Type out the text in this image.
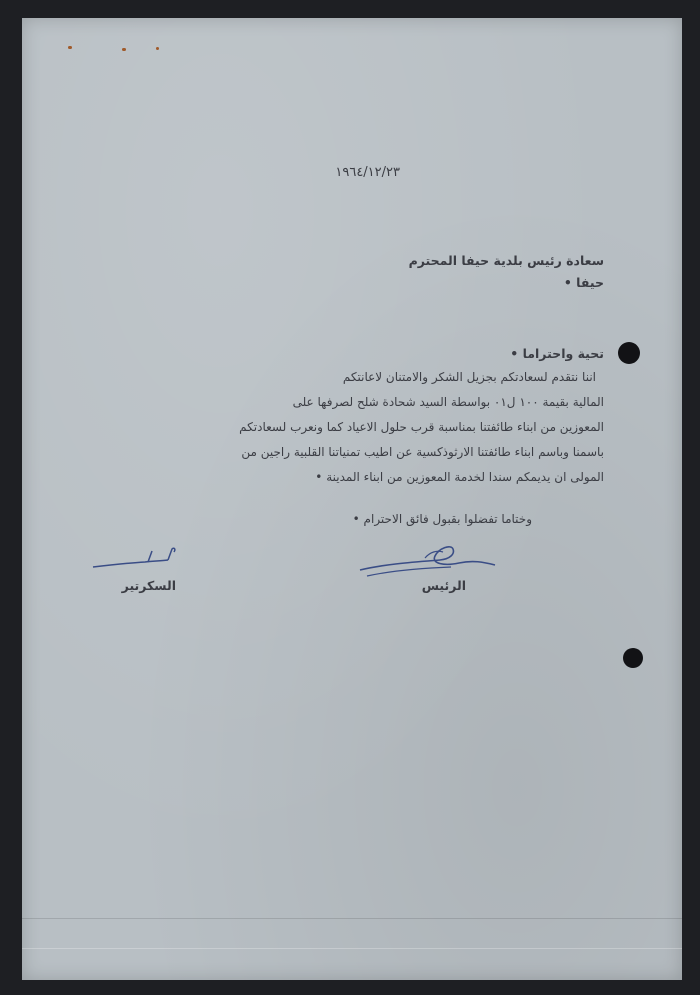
١٩٦٤/١٢/٢٣
سعادة رئيس بلدية حيفا المحترم
حيفا •
تحية واحتراما •
اننا نتقدم لسعادتكم بجزيل الشكر والامتنان لاعانتكم
المالية بقيمة ١٠٠ ل٠١ بواسطة السيد شحادة شلح لصرفها على
المعوزين من ابناء طائفتنا بمناسبة قرب حلول الاعياد كما ونعرب لسعادتكم
باسمنا وباسم ابناء طائفتنا الارثوذكسية عن اطيب تمنياتنا القلبية راجين من
المولى ان يديمكم سندا لخدمة المعوزين من ابناء المدينة •
وختاما تفضلوا بقبول فائق الاحترام •
الرئيس
السكرتير
